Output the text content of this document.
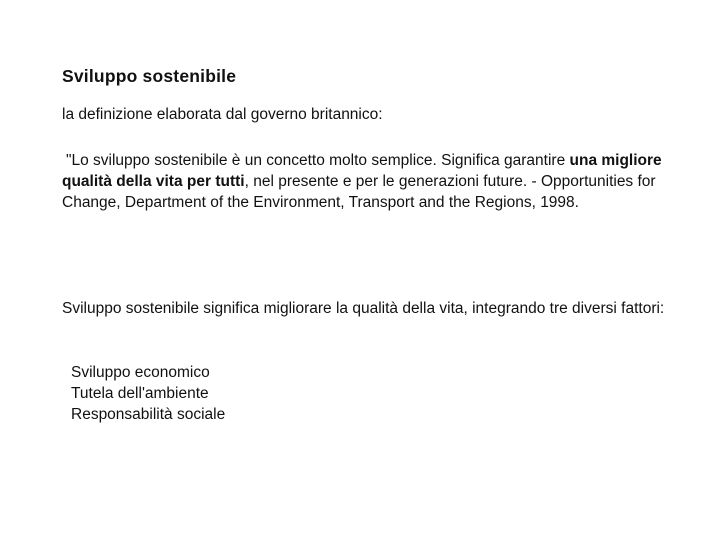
Sviluppo sostenibile

la definizione elaborata dal governo britannico:

"Lo sviluppo sostenibile è un concetto molto semplice. Significa garantire una migliore qualità della vita per tutti, nel presente e per le generazioni future. - Opportunities for Change, Department of the Environment, Transport and the Regions, 1998.

Sviluppo sostenibile significa migliorare la qualità della vita, integrando tre diversi fattori:

Sviluppo economico
Tutela dell'ambiente
Responsabilità sociale
